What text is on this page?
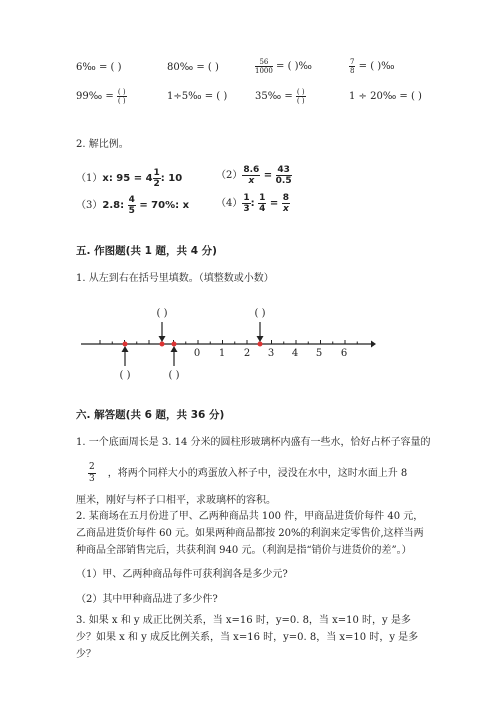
6‰ = ( )	80‰ = ( )	$\frac{56}{1000}$ = ( )‰	$\frac{7}{8}$ = ( )‰
99‰ = $\frac{( )}{( )}$	1÷5‰ = ( )	35‰ = $\frac{( )}{( )}$	1 ÷ 20‰ = ( )
2. 解比例。
（1）x: $95 = 4 \frac{1}{2}$ : 10	$(2) \frac{8.6}{x} = \frac{43}{0.5}$
（3）2.8: $\frac{4}{5} = 70\%$: x	$(4) \frac{1}{3}$ : $\frac{1}{4} = \frac{8}{x}$
五. 作图题(共 1 题，共 4 分)
1. 从左到右在括号里填数。（填整数或小数）
0 1 2 3 4 5 6
( )	( )
( )	( )
六. 解答题(共 6 题，共 36 分)
1. 一个底面周长是 3. 14 分米的圆柱形玻璃杯内盛有一些水，恰好占杯子容量的
$\frac{2}{3}$ ，将两个同样大小的鸡蛋放入杯子中，浸没在水中，这时水面上升 8
厘米，刚好与杯子口相平，求玻璃杯的容积。
2. 某商场在五月份进了甲、乙两种商品共 100 件，甲商品进货价每件 40 元，乙商品进货价每件 60 元。如果两种商品都按 20%的利润来定零售价,这样当两种商品全部销售完后，共获利润 940 元。（利润是指“销价与进货价的差”。）
（1）甲、乙两种商品每件可获利润各是多少元?
（2）其中甲种商品进了多少件?
3. 如果 x 和 y 成正比例关系，当 x=16 时，y=0. 8，当 x=10 时，y 是多少？如果 x 和 y 成反比例关系，当 x=16 时，y=0. 8，当 x=10 时，y 是多少？
